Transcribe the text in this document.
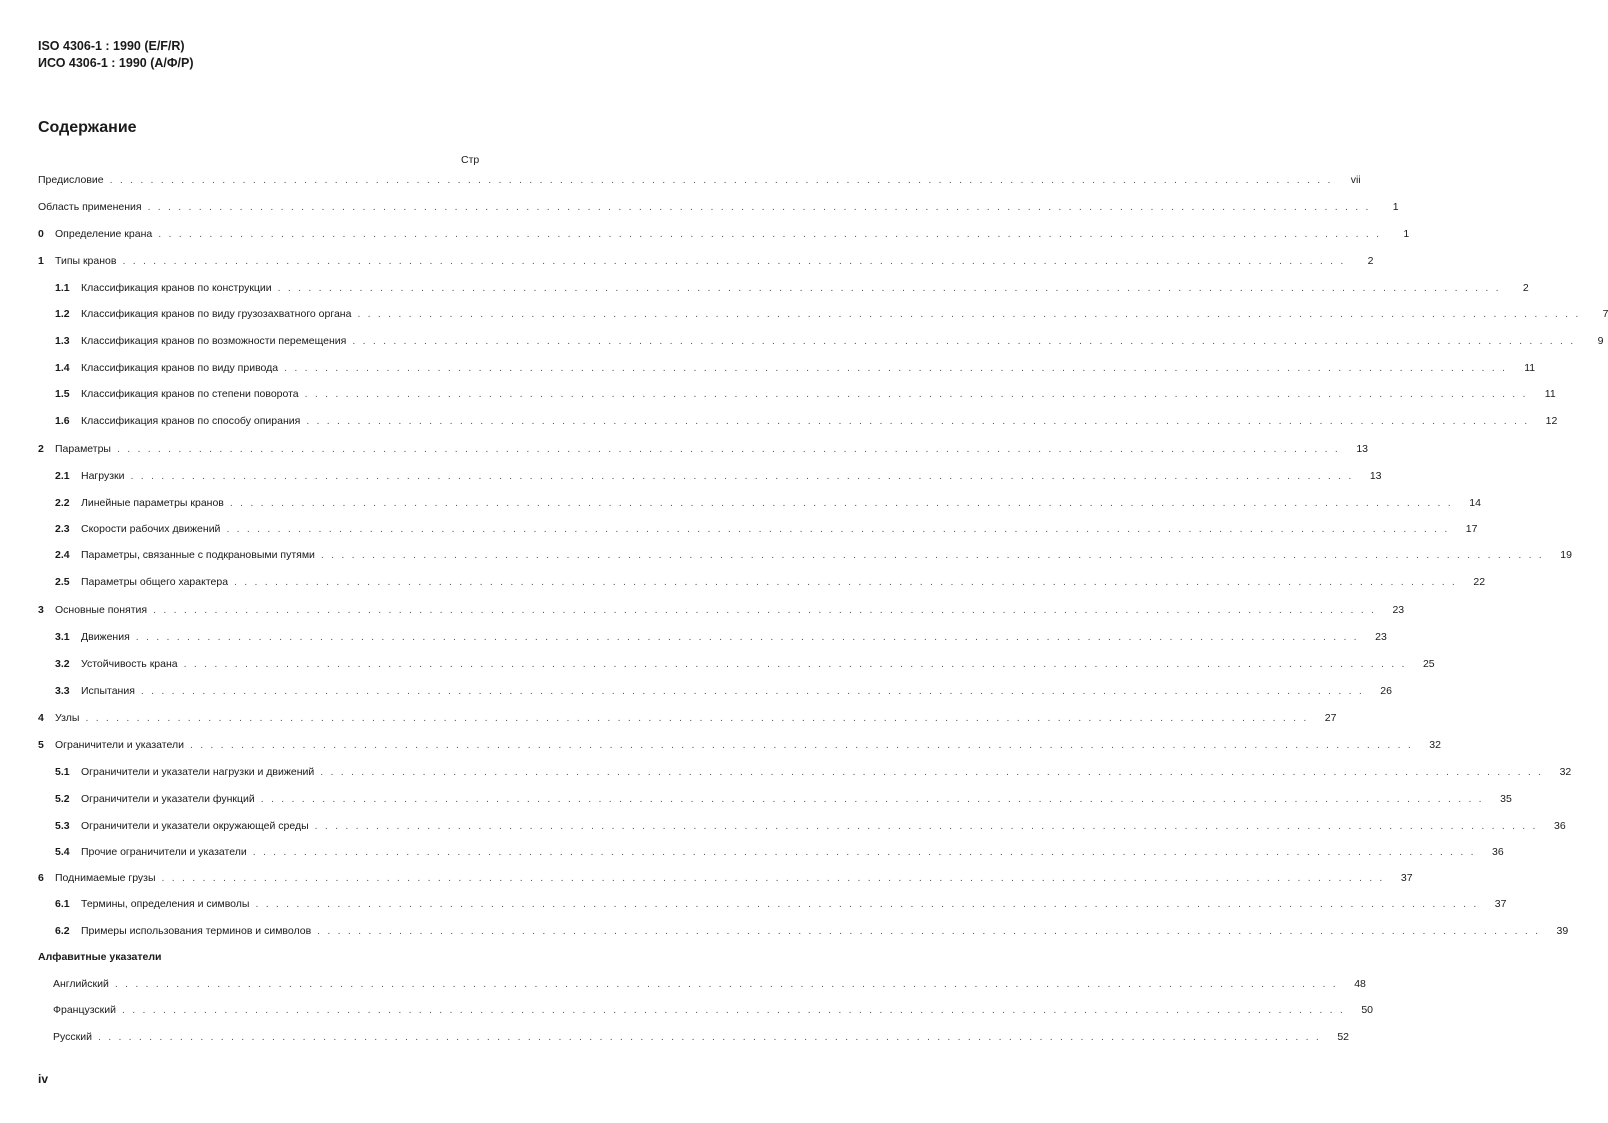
ISO 4306-1 : 1990 (E/F/R)
ИСО 4306-1 : 1990 (А/Ф/Р)
Содержание
Стр
Предисловие . . . . . . . . . . . . . . . . . . . . . . . . . . . . . . . . . . . . . . . . . . . . . . . . . . . . . . . . . . . . . . . . . . . . . . . . . . . . . . . . . . . . . . . . . . . . . . . . . . . . . . . . . . . . . . . . . . . . . . . .	vii
Область применения . . . . . . . . . . . . . . . . . . . . . . . . . . . . . . . . . . . . . . . . . . . . . . . . . . . . . . . . . . . . . . . . . . . . . . . . . . . . . . . . . . . . . . . . . . . . . . . . . . . . . . . . . . . . . . . . . . . . . . . .	1
0	Определение крана . . . . . . . . . . . . . . . . . . . . . . . . . . . . . . . . . . . . . . . . . . . . . . . . . . . . . . . . . . . . . . . . . . . . . . . . . . . . . . . . . . . . . . . . . . . . . . . . . . . . . . . . . . . . . . . . . . . . . . . .	1
1	Типы кранов . . . . . . . . . . . . . . . . . . . . . . . . . . . . . . . . . . . . . . . . . . . . . . . . . . . . . . . . . . . . . . . . . . . . . . . . . . . . . . . . . . . . . . . . . . . . . . . . . . . . . . . . . . . . . . . . . . . . . . . .	2
1.1	Классификация кранов по конструкции . . . . . . . . . . . . . . . . . . . . . . . . . . . . . . . . . . . . . . . . . . . . . . . . . . . . . . . . . . . . . . . . . . . . . . . . . . . . . . . . . . . . . . . . . . . . . . . . . . . . . . . . . . . . . . . . . . . . . . . .	2
1.2	Классификация кранов по виду грузозахватного органа . . . . . . . . . . . . . . . . . . . . . . . . . . . . . . . . . . . . . . . . . . . . . . . . . . . . . . . . . . . . . . . . . . . . . . . . . . . . . . . . . . . . . . . . . . . . . . . . . . . . . . . . . . . . . . . . . . . . . . . .	7
1.3	Классификация кранов по возможности перемещения . . . . . . . . . . . . . . . . . . . . . . . . . . . . . . . . . . . . . . . . . . . . . . . . . . . . . . . . . . . . . . . . . . . . . . . . . . . . . . . . . . . . . . . . . . . . . . . . . . . . . . . . . . . . . . . . . . . . . . . .	9
1.4	Классификация кранов по виду привода . . . . . . . . . . . . . . . . . . . . . . . . . . . . . . . . . . . . . . . . . . . . . . . . . . . . . . . . . . . . . . . . . . . . . . . . . . . . . . . . . . . . . . . . . . . . . . . . . . . . . . . . . . . . . . . . . . . . . . . .	11
1.5	Классификация кранов по степени поворота . . . . . . . . . . . . . . . . . . . . . . . . . . . . . . . . . . . . . . . . . . . . . . . . . . . . . . . . . . . . . . . . . . . . . . . . . . . . . . . . . . . . . . . . . . . . . . . . . . . . . . . . . . . . . . . . . . . . . . . .	11
1.6	Классификация кранов по способу опирания . . . . . . . . . . . . . . . . . . . . . . . . . . . . . . . . . . . . . . . . . . . . . . . . . . . . . . . . . . . . . . . . . . . . . . . . . . . . . . . . . . . . . . . . . . . . . . . . . . . . . . . . . . . . . . . . . . . . . . . .	12
2	Параметры . . . . . . . . . . . . . . . . . . . . . . . . . . . . . . . . . . . . . . . . . . . . . . . . . . . . . . . . . . . . . . . . . . . . . . . . . . . . . . . . . . . . . . . . . . . . . . . . . . . . . . . . . . . . . . . . . . . . . . . .	13
2.1	Нагрузки . . . . . . . . . . . . . . . . . . . . . . . . . . . . . . . . . . . . . . . . . . . . . . . . . . . . . . . . . . . . . . . . . . . . . . . . . . . . . . . . . . . . . . . . . . . . . . . . . . . . . . . . . . . . . . . . . . . . . . . .	13
2.2	Линейные параметры кранов . . . . . . . . . . . . . . . . . . . . . . . . . . . . . . . . . . . . . . . . . . . . . . . . . . . . . . . . . . . . . . . . . . . . . . . . . . . . . . . . . . . . . . . . . . . . . . . . . . . . . . . . . . . . . . . . . . . . . . . .	14
2.3	Скорости рабочих движений . . . . . . . . . . . . . . . . . . . . . . . . . . . . . . . . . . . . . . . . . . . . . . . . . . . . . . . . . . . . . . . . . . . . . . . . . . . . . . . . . . . . . . . . . . . . . . . . . . . . . . . . . . . . . . . . . . . . . . . .	17
2.4	Параметры, связанные с подкрановыми путями . . . . . . . . . . . . . . . . . . . . . . . . . . . . . . . . . . . . . . . . . . . . . . . . . . . . . . . . . . . . . . . . . . . . . . . . . . . . . . . . . . . . . . . . . . . . . . . . . . . . . . . . . . . . . . . . . . . . . . . .	19
2.5	Параметры общего характера . . . . . . . . . . . . . . . . . . . . . . . . . . . . . . . . . . . . . . . . . . . . . . . . . . . . . . . . . . . . . . . . . . . . . . . . . . . . . . . . . . . . . . . . . . . . . . . . . . . . . . . . . . . . . . . . . . . . . . . .	22
3	Основные понятия . . . . . . . . . . . . . . . . . . . . . . . . . . . . . . . . . . . . . . . . . . . . . . . . . . . . . . . . . . . . . . . . . . . . . . . . . . . . . . . . . . . . . . . . . . . . . . . . . . . . . . . . . . . . . . . . . . . . . . . .	23
3.1	Движения . . . . . . . . . . . . . . . . . . . . . . . . . . . . . . . . . . . . . . . . . . . . . . . . . . . . . . . . . . . . . . . . . . . . . . . . . . . . . . . . . . . . . . . . . . . . . . . . . . . . . . . . . . . . . . . . . . . . . . . .	23
3.2	Устойчивость крана . . . . . . . . . . . . . . . . . . . . . . . . . . . . . . . . . . . . . . . . . . . . . . . . . . . . . . . . . . . . . . . . . . . . . . . . . . . . . . . . . . . . . . . . . . . . . . . . . . . . . . . . . . . . . . . . . . . . . . . .	25
3.3	Испытания . . . . . . . . . . . . . . . . . . . . . . . . . . . . . . . . . . . . . . . . . . . . . . . . . . . . . . . . . . . . . . . . . . . . . . . . . . . . . . . . . . . . . . . . . . . . . . . . . . . . . . . . . . . . . . . . . . . . . . . .	26
4	Узлы . . . . . . . . . . . . . . . . . . . . . . . . . . . . . . . . . . . . . . . . . . . . . . . . . . . . . . . . . . . . . . . . . . . . . . . . . . . . . . . . . . . . . . . . . . . . . . . . . . . . . . . . . . . . . . . . . . . . . . . .	27
5	Ограничители и указатели . . . . . . . . . . . . . . . . . . . . . . . . . . . . . . . . . . . . . . . . . . . . . . . . . . . . . . . . . . . . . . . . . . . . . . . . . . . . . . . . . . . . . . . . . . . . . . . . . . . . . . . . . . . . . . . . . . . . . . . .	32
5.1	Ограничители и указатели нагрузки и движений . . . . . . . . . . . . . . . . . . . . . . . . . . . . . . . . . . . . . . . . . . . . . . . . . . . . . . . . . . . . . . . . . . . . . . . . . . . . . . . . . . . . . . . . . . . . . . . . . . . . . . . . . . . . . . . . . . . . . . . .	32
5.2	Ограничители и указатели функций . . . . . . . . . . . . . . . . . . . . . . . . . . . . . . . . . . . . . . . . . . . . . . . . . . . . . . . . . . . . . . . . . . . . . . . . . . . . . . . . . . . . . . . . . . . . . . . . . . . . . . . . . . . . . . . . . . . . . . . .	35
5.3	Ограничители и указатели окружающей среды . . . . . . . . . . . . . . . . . . . . . . . . . . . . . . . . . . . . . . . . . . . . . . . . . . . . . . . . . . . . . . . . . . . . . . . . . . . . . . . . . . . . . . . . . . . . . . . . . . . . . . . . . . . . . . . . . . . . . . . .	36
5.4	Прочие ограничители и указатели . . . . . . . . . . . . . . . . . . . . . . . . . . . . . . . . . . . . . . . . . . . . . . . . . . . . . . . . . . . . . . . . . . . . . . . . . . . . . . . . . . . . . . . . . . . . . . . . . . . . . . . . . . . . . . . . . . . . . . . .	36
6	Поднимаемые грузы . . . . . . . . . . . . . . . . . . . . . . . . . . . . . . . . . . . . . . . . . . . . . . . . . . . . . . . . . . . . . . . . . . . . . . . . . . . . . . . . . . . . . . . . . . . . . . . . . . . . . . . . . . . . . . . . . . . . . . . .	37
6.1	Термины, определения и символы . . . . . . . . . . . . . . . . . . . . . . . . . . . . . . . . . . . . . . . . . . . . . . . . . . . . . . . . . . . . . . . . . . . . . . . . . . . . . . . . . . . . . . . . . . . . . . . . . . . . . . . . . . . . . . . . . . . . . . . .	37
6.2	Примеры использования терминов и символов . . . . . . . . . . . . . . . . . . . . . . . . . . . . . . . . . . . . . . . . . . . . . . . . . . . . . . . . . . . . . . . . . . . . . . . . . . . . . . . . . . . . . . . . . . . . . . . . . . . . . . . . . . . . . . . . . . . . . . . .	39
Алфавитные указатели
Английский . . . . . . . . . . . . . . . . . . . . . . . . . . . . . . . . . . . . . . . . . . . . . . . . . . . . . . . . . . . . . . . . . . . . . . . . . . . . . . . . . . . . . . . . . . . . . . . . . . . . . . . . . . . . . . . . . . . . . . . .	48
Французский . . . . . . . . . . . . . . . . . . . . . . . . . . . . . . . . . . . . . . . . . . . . . . . . . . . . . . . . . . . . . . . . . . . . . . . . . . . . . . . . . . . . . . . . . . . . . . . . . . . . . . . . . . . . . . . . . . . . . . . .	50
Русский . . . . . . . . . . . . . . . . . . . . . . . . . . . . . . . . . . . . . . . . . . . . . . . . . . . . . . . . . . . . . . . . . . . . . . . . . . . . . . . . . . . . . . . . . . . . . . . . . . . . . . . . . . . . . . . . . . . . . . . .	52
iv
